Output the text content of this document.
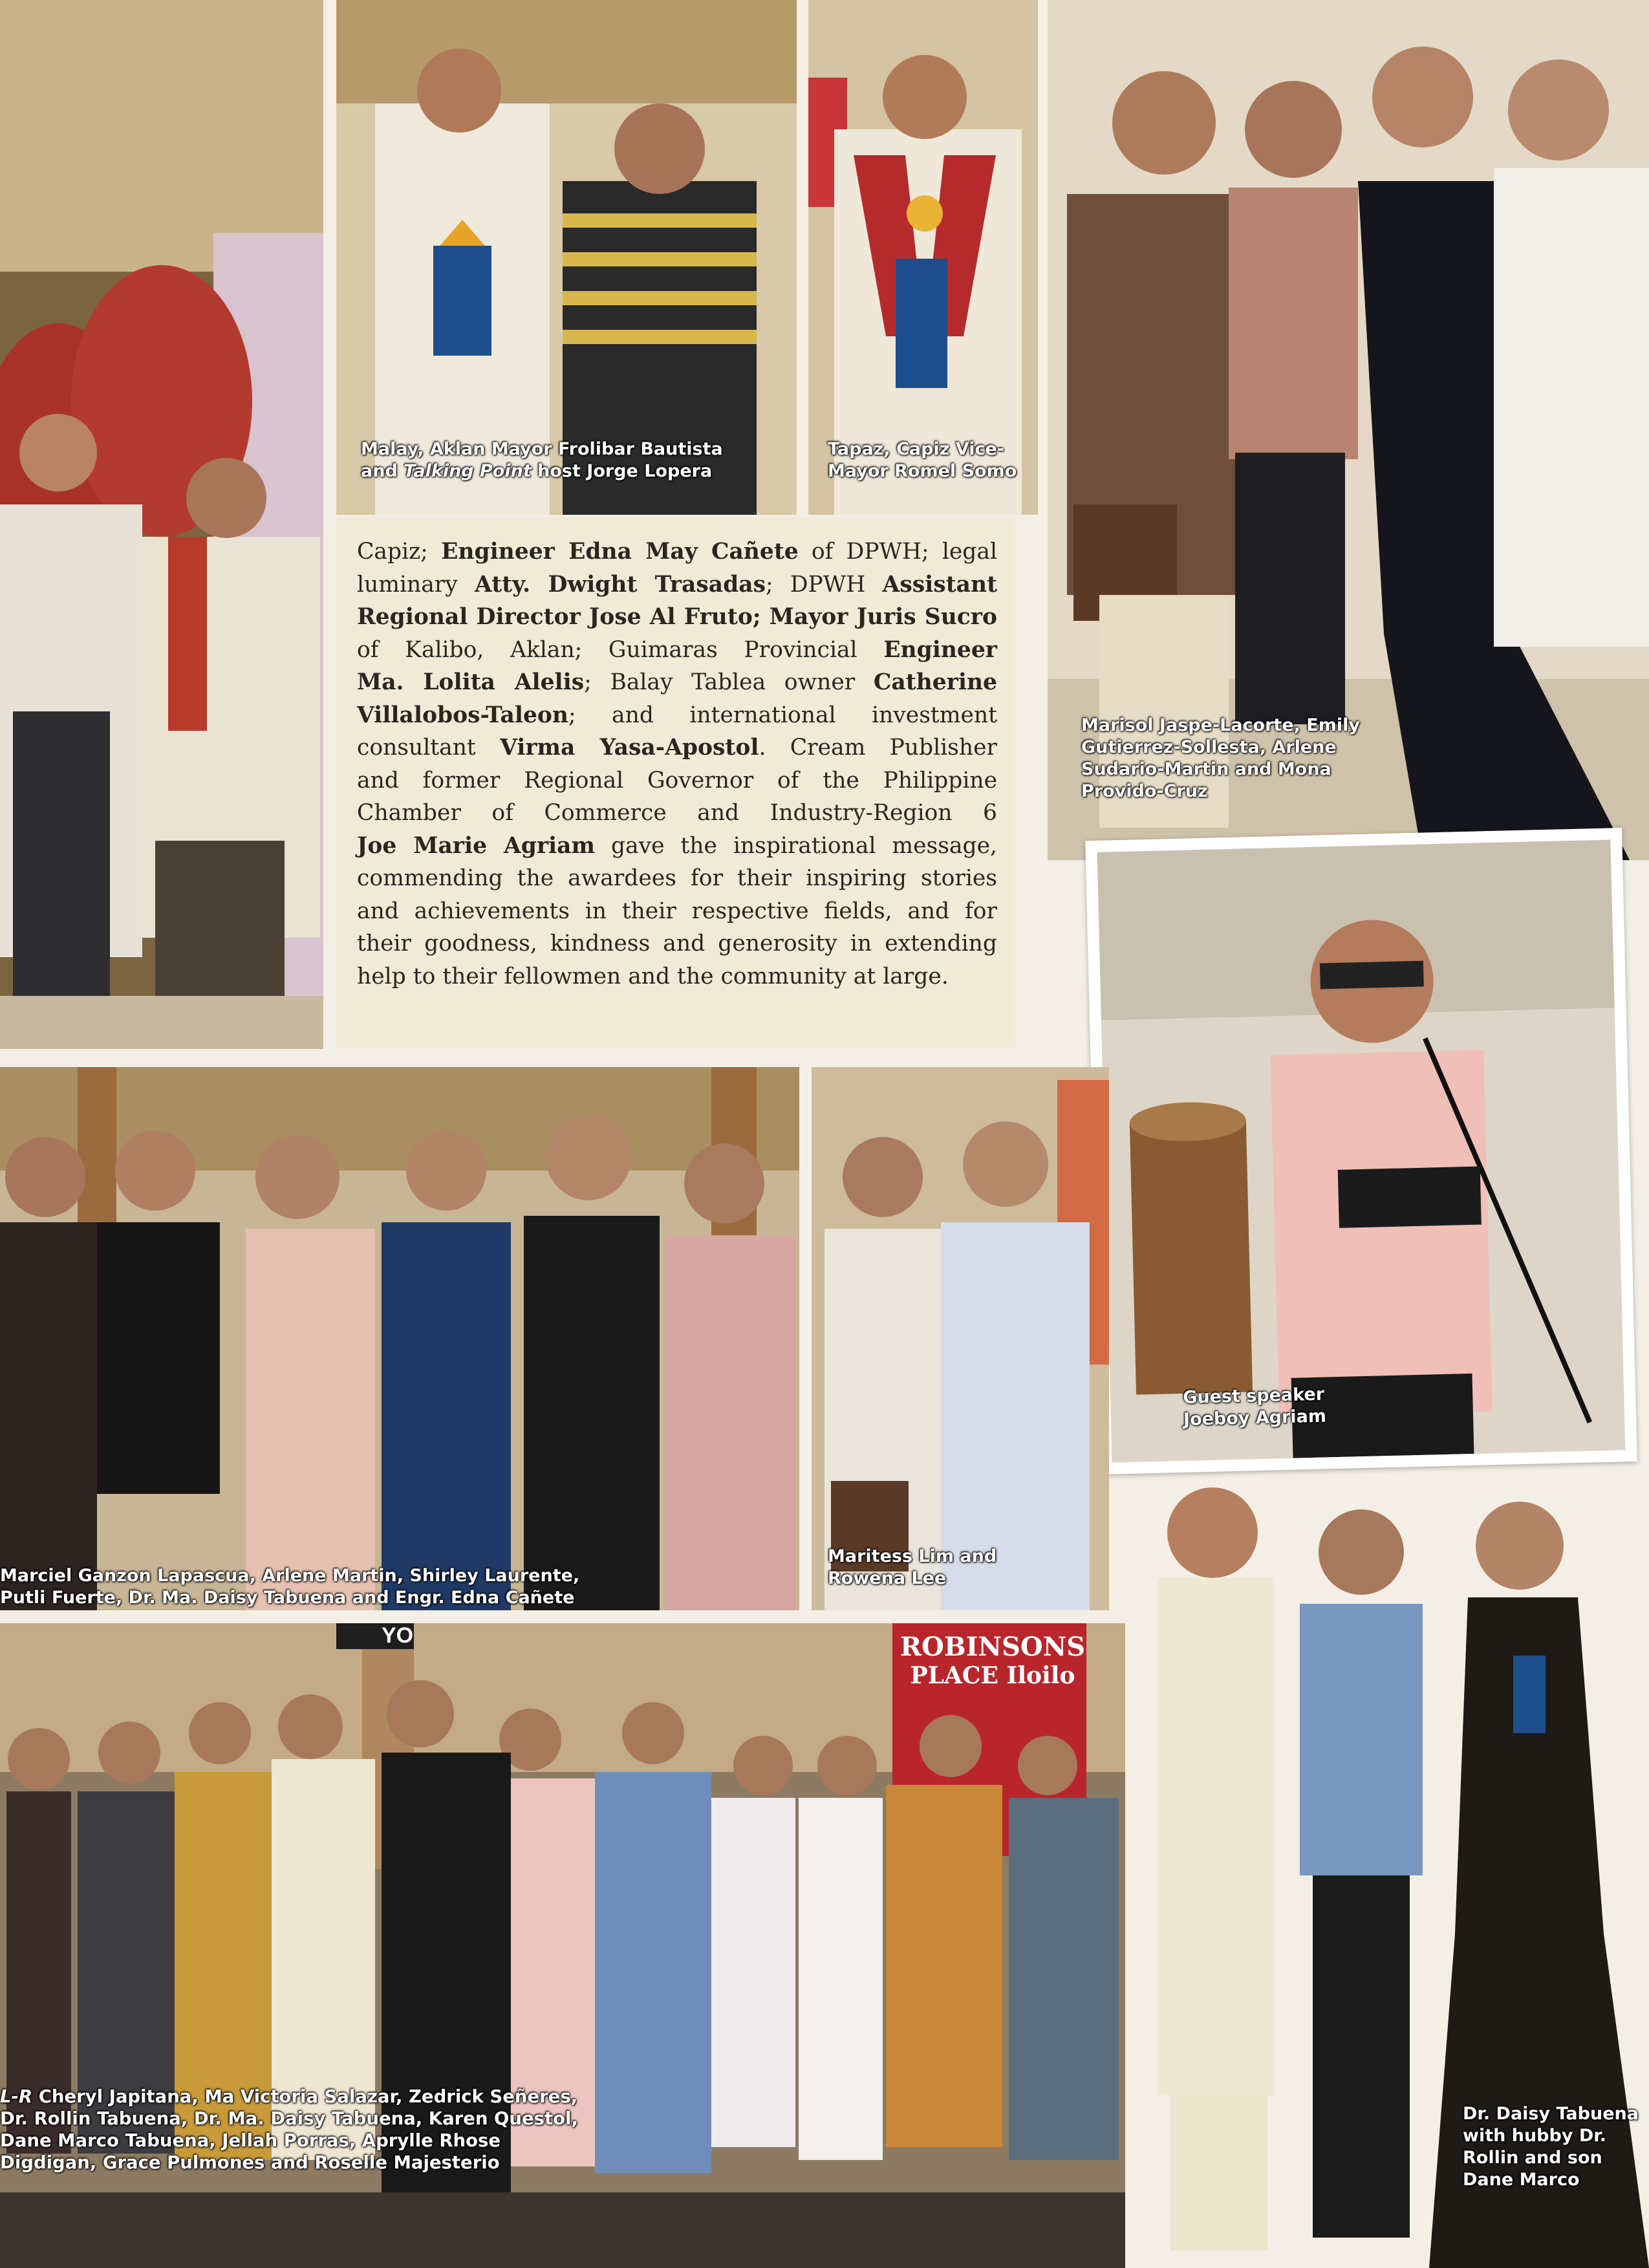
Malay, Aklan Mayor Frolibar Bautista
and Talking Point host Jorge Lopera
Tapaz, Capiz Vice-
Mayor Romel Somo
Marisol Jaspe-Lacorte, Emily
Gutierrez-Sollesta, Arlene
Sudario-Martin and Mona
Provido-Cruz
Capiz; Engineer Edna May Cañete of DPWH; legal
luminary Atty. Dwight Trasadas; DPWH Assistant
Regional Director Jose Al Fruto; Mayor Juris Sucro
of Kalibo, Aklan; Guimaras Provincial Engineer
Ma. Lolita Alelis; Balay Tablea owner Catherine
Villalobos-Taleon; and international investment
consultant Virma Yasa-Apostol. Cream Publisher
and former Regional Governor of the Philippine
Chamber of Commerce and Industry-Region 6
Joe Marie Agriam gave the inspirational message,
commending the awardees for their inspiring stories
and achievements in their respective fields, and for
their goodness, kindness and generosity in extending
help to their fellowmen and the community at large.
Guest speaker
Joeboy Agriam
Marciel Ganzon Lapascua, Arlene Martin, Shirley Laurente,
Putli Fuerte, Dr. Ma. Daisy Tabuena and Engr. Edna Cañete
Maritess Lim and
Rowena Lee
YO	ROBINSONS
PLACE Iloilo
L-R Cheryl Japitana, Ma Victoria Salazar, Zedrick Señeres,
Dr. Rollin Tabuena, Dr. Ma. Daisy Tabuena, Karen Questol,
Dane Marco Tabuena, Jellah Porras, Aprylle Rhose
Digdigan, Grace Pulmones and Roselle Majesterio
Dr. Daisy Tabuena
with hubby Dr.
Rollin and son
Dane Marco
